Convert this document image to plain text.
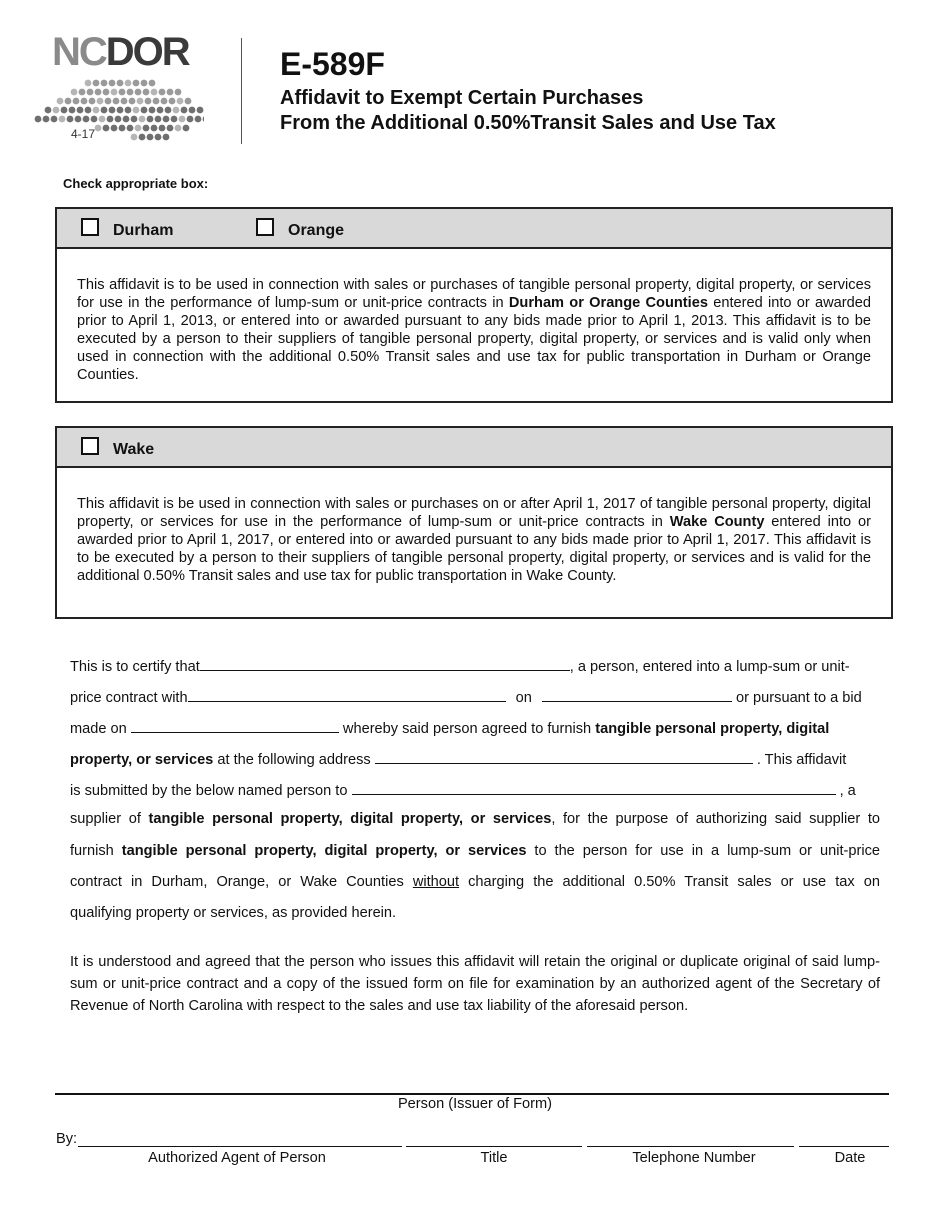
NCDOR
4-17
E-589F
Affidavit to Exempt Certain Purchases
From the Additional 0.50%Transit Sales and Use Tax
Check appropriate box:
Durham	Orange
This affidavit is to be used in connection with sales or purchases of tangible personal property, digital property, or services for use in the performance of lump-sum or unit-price contracts in Durham or Orange Counties entered into or awarded prior to April 1, 2013, or entered into or awarded pursuant to any bids made prior to April 1, 2013. This affidavit is to be executed by a person to their suppliers of tangible personal property, digital property, or services and is valid only when used in connection with the additional 0.50% Transit sales and use tax for public transportation in Durham or Orange Counties.
Wake
This affidavit is be used in connection with sales or purchases on or after April 1, 2017 of tangible personal property, digital property, or services for use in the performance of lump-sum or unit-price contracts in Wake County entered into or awarded prior to April 1, 2017, or entered into or awarded pursuant to any bids made prior to April 1, 2017. This affidavit is to be executed by a person to their suppliers of tangible personal property, digital property, or services and is valid for the additional 0.50% Transit sales and use tax for public transportation in Wake County.
This is to certify that	, a person, entered into a lump-sum or unit-
price contract with	on	or pursuant to a bid
made on	whereby said person agreed to furnish tangible personal property, digital
property, or services at the following address	. This affidavit
is submitted by the below named person to	, a
supplier of tangible personal property, digital property, or services, for the purpose of authorizing said supplier to
furnish tangible personal property, digital property, or services to the person for use in a lump-sum or unit-price
contract in Durham, Orange, or Wake Counties without charging the additional 0.50% Transit sales or use tax on
qualifying property or services, as provided herein.
It is understood and agreed that the person who issues this affidavit will retain the original or duplicate original of said lump-sum or unit-price contract and a copy of the issued form on file for examination by an authorized agent of the Secretary of Revenue of North Carolina with respect to the sales and use tax liability of the aforesaid person.
Person (Issuer of Form)
By:
Authorized Agent of Person	Title	Telephone Number	Date
